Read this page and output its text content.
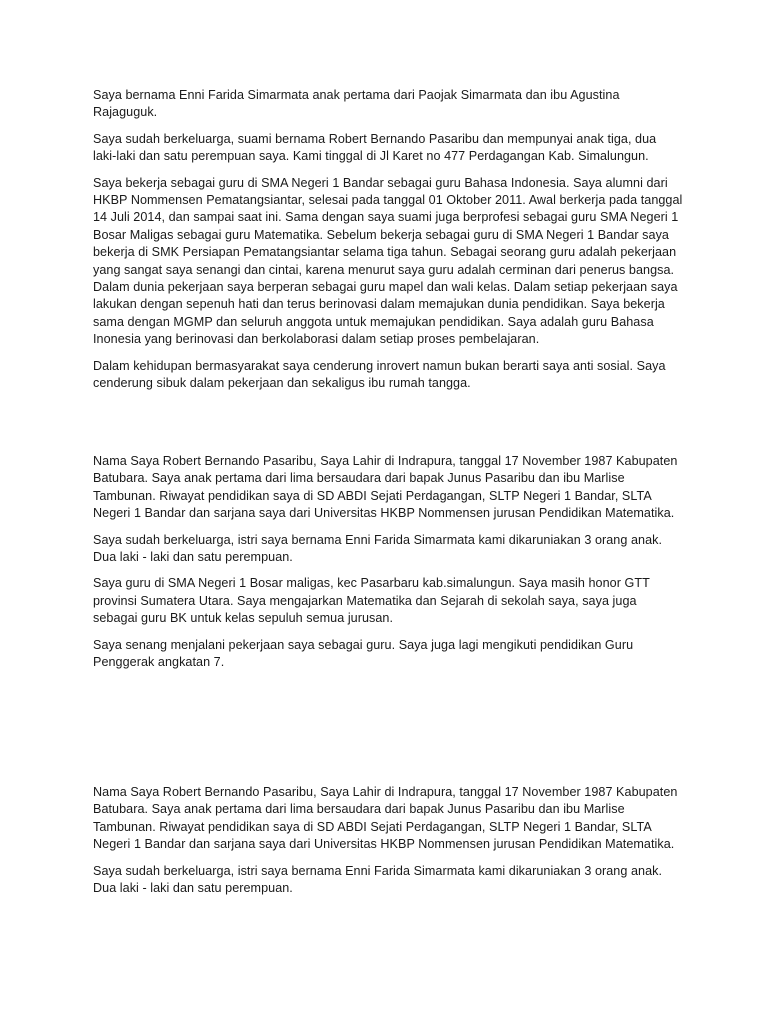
Saya bernama Enni Farida Simarmata anak pertama dari Paojak Simarmata dan ibu Agustina Rajaguguk.

Saya sudah berkeluarga, suami bernama Robert Bernando Pasaribu dan mempunyai anak tiga, dua laki-laki dan satu perempuan saya. Kami tinggal di Jl Karet no 477 Perdagangan Kab. Simalungun.

Saya bekerja sebagai guru di SMA Negeri 1 Bandar sebagai guru Bahasa Indonesia. Saya alumni dari HKBP Nommensen Pematangsiantar, selesai pada tanggal 01 Oktober 2011. Awal berkerja pada tanggal 14 Juli 2014, dan sampai saat ini. Sama dengan saya suami juga berprofesi sebagai guru SMA Negeri 1 Bosar Maligas sebagai guru Matematika. Sebelum bekerja sebagai guru di SMA Negeri 1 Bandar saya bekerja di SMK Persiapan Pematangsiantar selama tiga tahun. Sebagai seorang guru adalah pekerjaan yang sangat saya senangi dan cintai, karena menurut saya guru adalah cerminan dari penerus bangsa. Dalam dunia pekerjaan saya berperan sebagai guru mapel dan wali kelas. Dalam setiap pekerjaan saya lakukan dengan sepenuh hati dan terus berinovasi dalam memajukan dunia pendidikan. Saya bekerja sama dengan MGMP dan seluruh anggota untuk memajukan pendidikan. Saya adalah guru Bahasa Inonesia yang berinovasi dan berkolaborasi dalam setiap proses pembelajaran.

Dalam kehidupan bermasyarakat saya cenderung inrovert namun bukan berarti saya anti sosial. Saya cenderung sibuk dalam pekerjaan dan sekaligus ibu rumah tangga.

Nama Saya Robert Bernando Pasaribu, Saya Lahir di Indrapura, tanggal 17 November 1987 Kabupaten Batubara. Saya anak pertama dari lima bersaudara dari bapak Junus Pasaribu dan ibu Marlise Tambunan. Riwayat pendidikan saya di SD ABDI Sejati Perdagangan, SLTP Negeri 1 Bandar, SLTA Negeri 1 Bandar dan sarjana saya dari Universitas HKBP Nommensen jurusan Pendidikan Matematika.

Saya sudah berkeluarga, istri saya bernama Enni Farida Simarmata kami dikaruniakan 3 orang anak. Dua laki - laki dan satu perempuan.

Saya guru di SMA Negeri 1 Bosar maligas, kec Pasarbaru kab.simalungun. Saya masih honor GTT provinsi Sumatera Utara. Saya mengajarkan Matematika dan Sejarah di sekolah saya, saya juga sebagai guru BK untuk kelas sepuluh semua jurusan.

Saya senang menjalani pekerjaan saya sebagai guru. Saya juga lagi mengikuti pendidikan Guru Penggerak angkatan 7.

Nama Saya Robert Bernando Pasaribu, Saya Lahir di Indrapura, tanggal 17 November 1987 Kabupaten Batubara. Saya anak pertama dari lima bersaudara dari bapak Junus Pasaribu dan ibu Marlise Tambunan. Riwayat pendidikan saya di SD ABDI Sejati Perdagangan, SLTP Negeri 1 Bandar, SLTA Negeri 1 Bandar dan sarjana saya dari Universitas HKBP Nommensen jurusan Pendidikan Matematika.

Saya sudah berkeluarga, istri saya bernama Enni Farida Simarmata kami dikaruniakan 3 orang anak. Dua laki - laki dan satu perempuan.
